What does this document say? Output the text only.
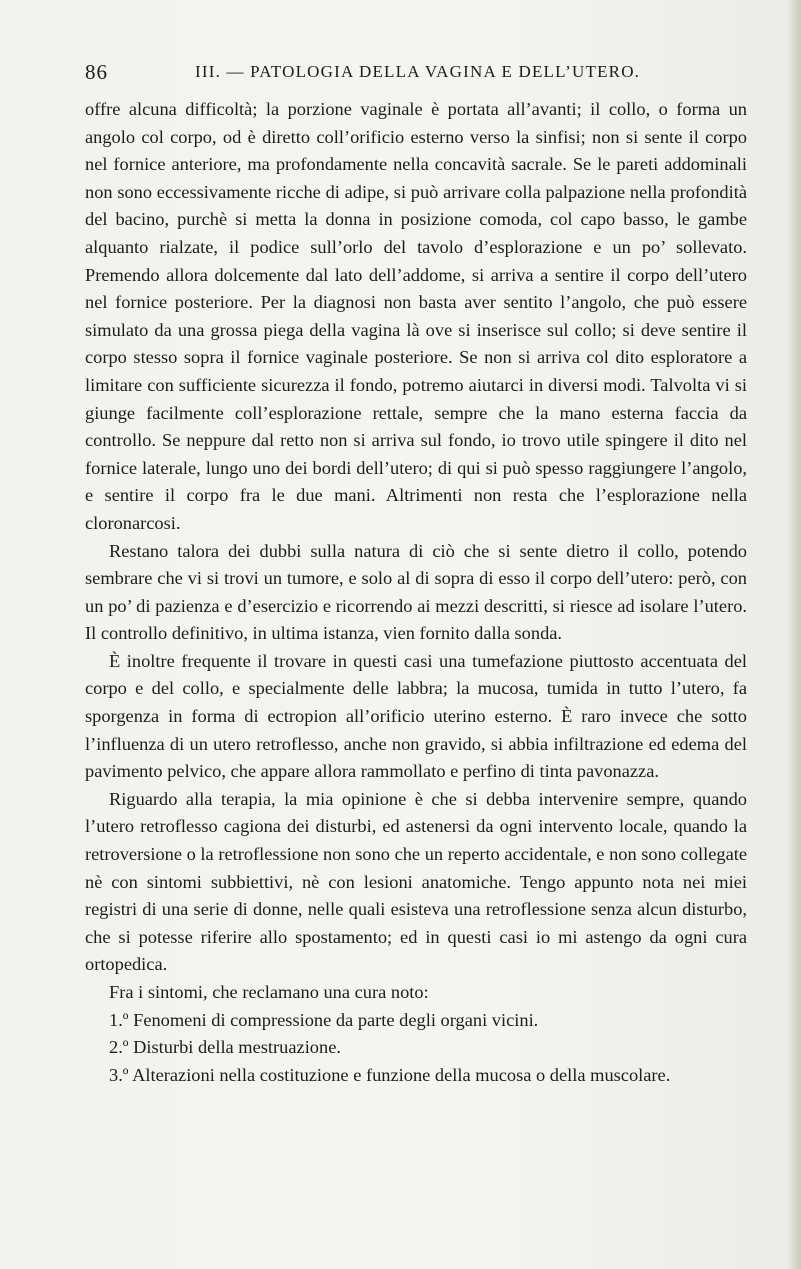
86	III. — PATOLOGIA DELLA VAGINA E DELL’UTERO.

offre alcuna difficoltà; la porzione vaginale è portata all’avanti; il collo, o forma un angolo col corpo, od è diretto coll’orificio esterno verso la sinfisi; non si sente il corpo nel fornice anteriore, ma profondamente nella concavità sacrale. Se le pareti addominali non sono eccessivamente ricche di adipe, si può arrivare colla palpazione nella profondità del bacino, purchè si metta la donna in posizione comoda, col capo basso, le gambe alquanto rialzate, il podice sull’orlo del tavolo d’esplorazione e un po’ sollevato. Premendo allora dolcemente dal lato dell’addome, si arriva a sentire il corpo dell’utero nel fornice posteriore. Per la diagnosi non basta aver sentito l’angolo, che può essere simulato da una grossa piega della vagina là ove si inserisce sul collo; si deve sentire il corpo stesso sopra il fornice vaginale posteriore. Se non si arriva col dito esploratore a limitare con sufficiente sicurezza il fondo, potremo aiutarci in diversi modi. Talvolta vi si giunge facilmente coll’esplorazione rettale, sempre che la mano esterna faccia da controllo. Se neppure dal retto non si arriva sul fondo, io trovo utile spingere il dito nel fornice laterale, lungo uno dei bordi dell’utero; di qui si può spesso raggiungere l’angolo, e sentire il corpo fra le due mani. Altrimenti non resta che l’esplorazione nella cloronarcosi.

Restano talora dei dubbi sulla natura di ciò che si sente dietro il collo, potendo sembrare che vi si trovi un tumore, e solo al di sopra di esso il corpo dell’utero: però, con un po’ di pazienza e d’esercizio e ricorrendo ai mezzi descritti, si riesce ad isolare l’utero. Il controllo definitivo, in ultima istanza, vien fornito dalla sonda.

È inoltre frequente il trovare in questi casi una tumefazione piuttosto accentuata del corpo e del collo, e specialmente delle labbra; la mucosa, tumida in tutto l’utero, fa sporgenza in forma di ectropion all’orificio uterino esterno. È raro invece che sotto l’influenza di un utero retroflesso, anche non gravido, si abbia infiltrazione ed edema del pavimento pelvico, che appare allora rammollato e perfino di tinta pavonazza.

Riguardo alla terapia, la mia opinione è che si debba intervenire sempre, quando l’utero retroflesso cagiona dei disturbi, ed astenersi da ogni intervento locale, quando la retroversione o la retroflessione non sono che un reperto accidentale, e non sono collegate nè con sintomi subbiettivi, nè con lesioni anatomiche. Tengo appunto nota nei miei registri di una serie di donne, nelle quali esisteva una retroflessione senza alcun disturbo, che si potesse riferire allo spostamento; ed in questi casi io mi astengo da ogni cura ortopedica.

Fra i sintomi, che reclamano una cura noto:

1.º Fenomeni di compressione da parte degli organi vicini.

2.º Disturbi della mestruazione.

3.º Alterazioni nella costituzione e funzione della mucosa o della muscolare.
